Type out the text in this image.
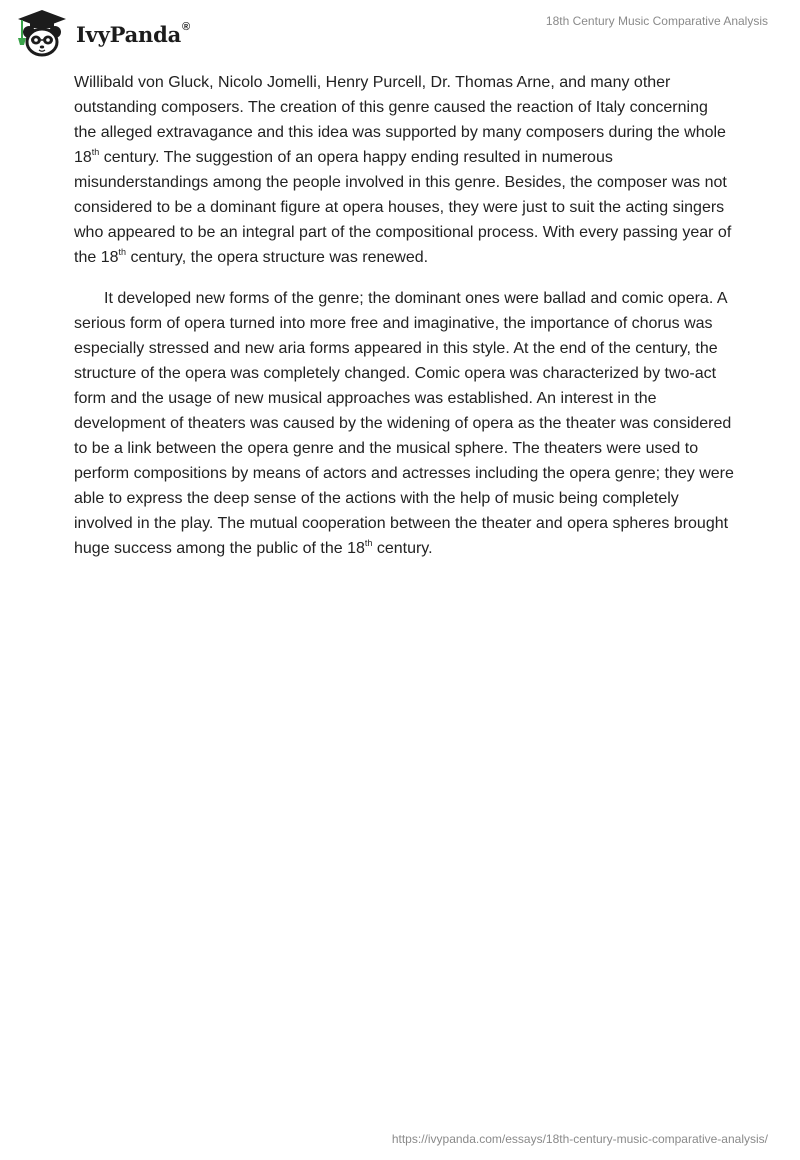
IvyPanda®	18th Century Music Comparative Analysis

Willibald von Gluck, Nicolo Jomelli, Henry Purcell, Dr. Thomas Arne, and many other outstanding composers. The creation of this genre caused the reaction of Italy concerning the alleged extravagance and this idea was supported by many composers during the whole 18th century. The suggestion of an opera happy ending resulted in numerous misunderstandings among the people involved in this genre. Besides, the composer was not considered to be a dominant figure at opera houses, they were just to suit the acting singers who appeared to be an integral part of the compositional process. With every passing year of the 18th century, the opera structure was renewed.

It developed new forms of the genre; the dominant ones were ballad and comic opera. A serious form of opera turned into more free and imaginative, the importance of chorus was especially stressed and new aria forms appeared in this style. At the end of the century, the structure of the opera was completely changed. Comic opera was characterized by two-act form and the usage of new musical approaches was established. An interest in the development of theaters was caused by the widening of opera as the theater was considered to be a link between the opera genre and the musical sphere. The theaters were used to perform compositions by means of actors and actresses including the opera genre; they were able to express the deep sense of the actions with the help of music being completely involved in the play. The mutual cooperation between the theater and opera spheres brought huge success among the public of the 18th century.

https://ivypanda.com/essays/18th-century-music-comparative-analysis/
